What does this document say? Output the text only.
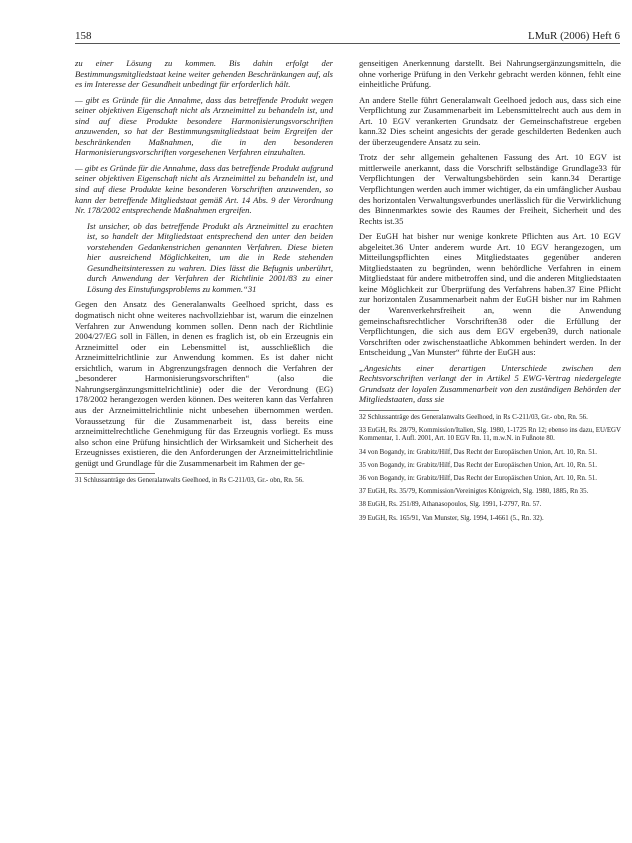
158	LMuR (2006) Heft 6

zu einer Lösung zu kommen. Bis dahin erfolgt der Bestimmungsmitgliedstaat keine weiter gehenden Beschränkungen auf, als es im Interesse der Gesundheit unbedingt für erforderlich hält.

— gibt es Gründe für die Annahme, dass das betreffende Produkt wegen seiner objektiven Eigenschaft nicht als Arzneimittel zu behandeln ist, und sind auf diese Produkte besondere Harmonisierungsvorschriften anzuwenden, so hat der Bestimmungsmitgliedstaat beim Ergreifen der beschränkenden Maßnahmen, die in den besonderen Harmonisierungsvorschriften vorgesehenen Verfahren einzuhalten.

— gibt es Gründe für die Annahme, dass das betreffende Produkt aufgrund seiner objektiven Eigenschaft nicht als Arzneimittel zu behandeln ist, und sind auf diese Produkte keine besonderen Vorschriften anzuwenden, so kann der betreffende Mitgliedstaat gemäß Art. 14 Abs. 9 der Verordnung Nr. 178/2002 entsprechende Maßnahmen ergreifen.

Ist unsicher, ob das betreffende Produkt als Arzneimittel zu erachten ist, so handelt der Mitgliedstaat entsprechend den unter den beiden vorstehenden Gedankenstrichen genannten Verfahren. Diese bieten hier ausreichend Möglichkeiten, um die in Rede stehenden Gesundheitsinteressen zu wahren. Dies lässt die Befugnis unberührt, durch Anwendung der Verfahren der Richtlinie 2001/83 zu einer Lösung des Einstufungsproblems zu kommen.“31

Gegen den Ansatz des Generalanwalts Geelhoed spricht, dass es dogmatisch nicht ohne weiteres nachvollziehbar ist, warum die einzelnen Verfahren zur Anwendung kommen sollen. Denn nach der Richtlinie 2004/27/EG soll in Fällen, in denen es fraglich ist, ob ein Erzeugnis ein Arzneimittel oder ein Lebensmittel ist, ausschließlich die Arzneimittelrichtlinie zur Anwendung kommen. Es ist daher nicht ersichtlich, warum in Abgrenzungsfragen dennoch die Verfahren der „besonderer Harmonisierungsvorschriften“ (also die Nahrungsergänzungsmittelrichtlinie) oder die der Verordnung (EG) 178/2002 herangezogen werden können. Des weiteren kann das Verfahren aus der Arzneimittelrichtlinie nicht unbesehen übernommen werden. Voraussetzung für die Zusammenarbeit ist, dass bereits eine arzneimittelrechtliche Genehmigung für das Erzeugnis vorliegt. Es muss also schon eine Prüfung hinsichtlich der Wirksamkeit und Sicherheit des Erzeugnisses existieren, die den Anforderungen der Arzneimittelrichtlinie genügt und Grundlage für die Zusammenarbeit im Rahmen der ge-

31 Schlussanträge des Generalanwalts Geelhoed, in Rs C-211/03, Gr.- obn, Rn. 56.

genseitigen Anerkennung darstellt. Bei Nahrungsergänzungsmitteln, die ohne vorherige Prüfung in den Verkehr gebracht werden können, fehlt eine einheitliche Prüfung.

An andere Stelle führt Generalanwalt Geelhoed jedoch aus, dass sich eine Verpflichtung zur Zusammenarbeit im Lebensmittelrecht auch aus dem in Art. 10 EGV verankerten Grundsatz der Gemeinschaftstreue ergeben kann.32 Dies scheint angesichts der gerade geschilderten Bedenken auch der überzeugendere Ansatz zu sein.

Trotz der sehr allgemein gehaltenen Fassung des Art. 10 EGV ist mittlerweile anerkannt, dass die Vorschrift selbständige Grundlage33 für Verpflichtungen der Verwaltungsbehörden sein kann.34 Derartige Verpflichtungen werden auch immer wichtiger, da ein umfänglicher Ausbau des horizontalen Verwaltungsverbundes unerlässlich für die Verwirklichung des Binnenmarktes sowie des Raumes der Freiheit, Sicherheit und des Rechts ist.35

Der EuGH hat bisher nur wenige konkrete Pflichten aus Art. 10 EGV abgeleitet.36 Unter anderem wurde Art. 10 EGV herangezogen, um Mitteilungspflichten eines Mitgliedstaates gegenüber anderen Mitgliedstaaten zu begründen, wenn behördliche Verfahren in einem Mitgliedstaat für andere mitbetroffen sind, und die anderen Mitgliedstaaten keine Möglichkeit zur Überprüfung des Verfahrens haben.37 Eine Pflicht zur horizontalen Zusammenarbeit nahm der EuGH bisher nur im Rahmen der Warenverkehrsfreiheit an, wenn die Anwendung gemeinschaftsrechtlicher Vorschriften38 oder die Erfüllung der Verpflichtungen, die sich aus dem EGV ergeben39, durch nationale Vorschriften oder zwischenstaatliche Abkommen behindert werden. In der Entscheidung „Van Munster“ führte der EuGH aus:

„Angesichts einer derartigen Unterschiede zwischen den Rechtsvorschriften verlangt der in Artikel 5 EWG-Vertrag niedergelegte Grundsatz der loyalen Zusammenarbeit von den zuständigen Behörden der Mitgliedstaaten, dass sie

32 Schlussanträge des Generalanwalts Geelhoed, in Rs C-211/03, Gr.- obn, Rn. 56.

33 EuGH, Rs. 28/79, Kommission/Italien, Slg. 1980, 1-1725 Rn 12; ebenso ins dazu, EU/EGV Kommentar, 1. Aufl. 2001, Art. 10 EGV Rn. 11, m.w.N. in Fußnote 80.

34 von Bogandy, in: Grabitz/Hilf, Das Recht der Europäischen Union, Art. 10, Rn. 51.

35 von Bogandy, in: Grabitz/Hilf, Das Recht der Europäischen Union, Art. 10, Rn. 51.

36 von Bogandy, in: Grabitz/Hilf, Das Recht der Europäischen Union, Art. 10, Rn. 51.

37 EuGH, Rs. 35/79, Kommission/Vereinigtes Königreich, Slg. 1980, 1885, Rn 35.

38 EuGH, Rs. 251/89, Athanasopoulos, Slg. 1991, I-2797, Rn. 57.

39 EuGH, Rs. 165/91, Van Munster, Slg. 1994, I-4661 (5., Rn. 32).
